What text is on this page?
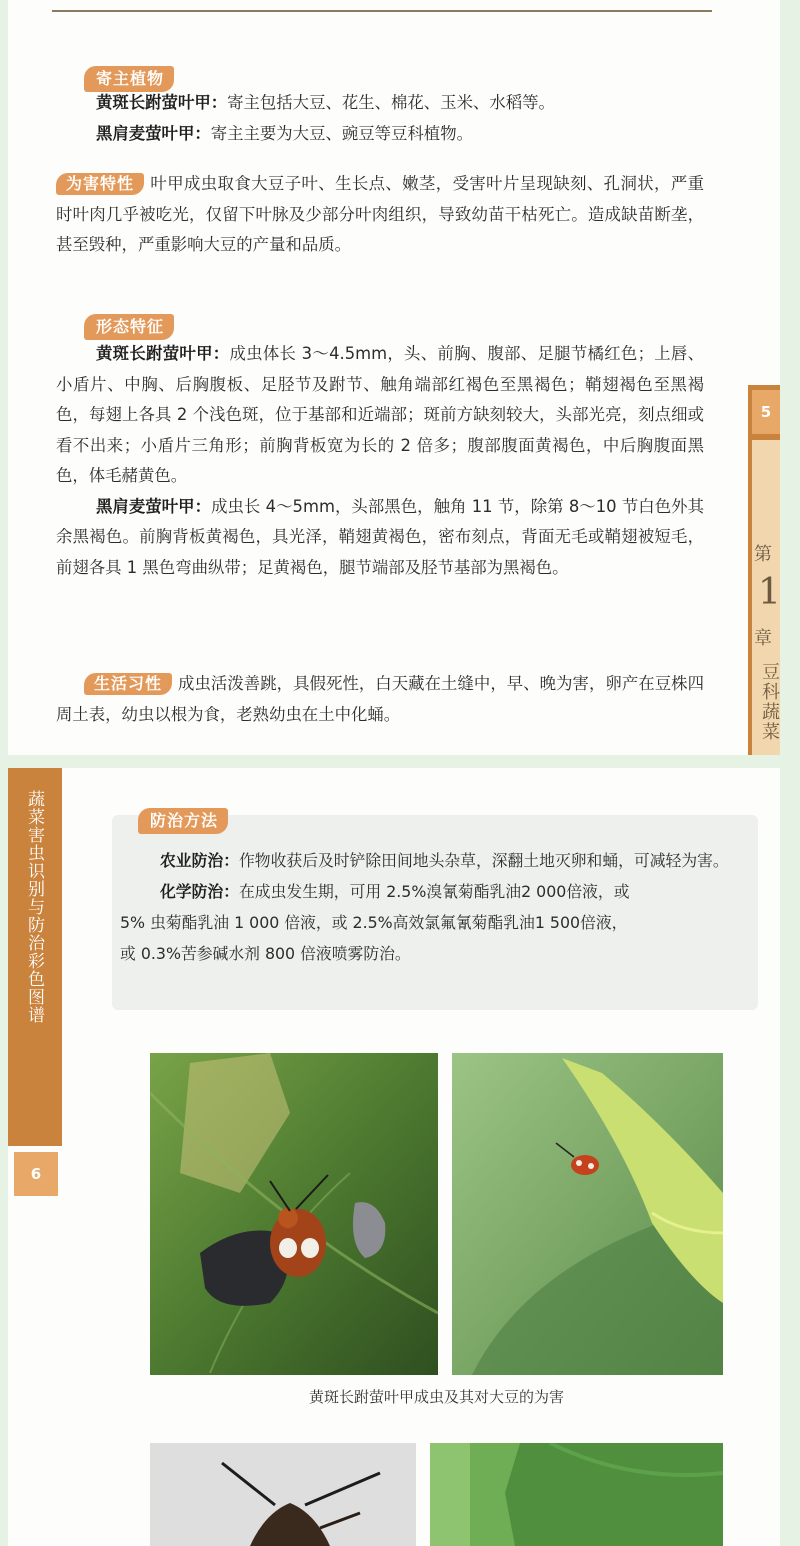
寄主植物
黄斑长跗萤叶甲：寄主包括大豆、花生、棉花、玉米、水稻等。
黑肩麦萤叶甲：寄主主要为大豆、豌豆等豆科植物。
为害特性 叶甲成虫取食大豆子叶、生长点、嫩茎，受害叶片呈现缺刻、孔洞状，严重时叶肉几乎被吃光，仅留下叶脉及少部分叶肉组织，导致幼苗干枯死亡。造成缺苗断垄，甚至毁种，严重影响大豆的产量和品质。
形态特征
黄斑长跗萤叶甲：成虫体长 3～4.5mm，头、前胸、腹部、足腿节橘红色；上唇、小盾片、中胸、后胸腹板、足胫节及跗节、触角端部红褐色至黑褐色；鞘翅褐色至黑褐色，每翅上各具 2 个浅色斑，位于基部和近端部；斑前方缺刻较大，头部光亮，刻点细或看不出来；小盾片三角形；前胸背板宽为长的 2 倍多；腹部腹面黄褐色，中后胸腹面黑色，体毛赭黄色。
黑肩麦萤叶甲：成虫长 4～5mm，头部黑色，触角 11 节，除第 8～10 节白色外其余黑褐色。前胸背板黄褐色，具光泽，鞘翅黄褐色，密布刻点，背面无毛或鞘翅被短毛，前翅各具 1 黑色弯曲纵带；足黄褐色，腿节端部及胫节基部为黑褐色。
生活习性 成虫活泼善跳，具假死性，白天藏在土缝中，早、晚为害，卵产在豆株四周土表，幼虫以根为食，老熟幼虫在土中化蛹。
5
第
1
章
豆科蔬菜
蔬菜害虫识别与防治彩色图谱
6
防治方法
农业防治：作物收获后及时铲除田间地头杂草，深翻土地灭卵和蛹，可减轻为害。
化学防治：在成虫发生期，可用 2.5%溴氰菊酯乳油2 000倍液，或
5% 虫菊酯乳油 1 000 倍液，或 2.5%高效氯氟氰菊酯乳油1 500倍液，
或 0.3%苦参碱水剂 800 倍液喷雾防治。
黄斑长跗萤叶甲成虫及其对大豆的为害
